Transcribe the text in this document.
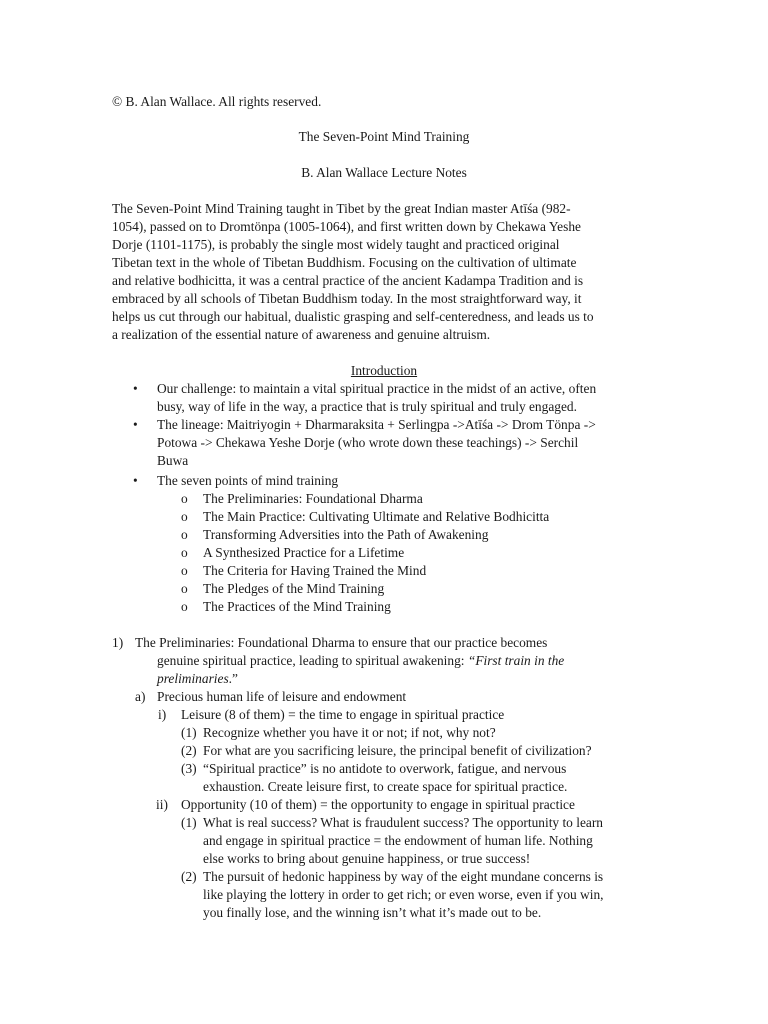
© B. Alan Wallace. All rights reserved.
The Seven-Point Mind Training
B. Alan Wallace Lecture Notes
The Seven-Point Mind Training taught in Tibet by the great Indian master Atīśa (982-
1054), passed on to Dromtönpa (1005-1064), and first written down by Chekawa Yeshe
Dorje (1101-1175), is probably the single most widely taught and practiced original
Tibetan text in the whole of Tibetan Buddhism. Focusing on the cultivation of ultimate
and relative bodhicitta, it was a central practice of the ancient Kadampa Tradition and is
embraced by all schools of Tibetan Buddhism today. In the most straightforward way, it
helps us cut through our habitual, dualistic grasping and self-centeredness, and leads us to
a realization of the essential nature of awareness and genuine altruism.
Introduction
• Our challenge: to maintain a vital spiritual practice in the midst of an active, often
busy, way of life in the way, a practice that is truly spiritual and truly engaged.
• The lineage: Maitriyogin + Dharmaraksita + Serlingpa ->Atīśa -> Drom Tönpa ->
Potowa -> Chekawa Yeshe Dorje (who wrote down these teachings) -> Serchil
Buwa
• The seven points of mind training
o The Preliminaries: Foundational Dharma
o The Main Practice: Cultivating Ultimate and Relative Bodhicitta
o Transforming Adversities into the Path of Awakening
o A Synthesized Practice for a Lifetime
o The Criteria for Having Trained the Mind
o The Pledges of the Mind Training
o The Practices of the Mind Training
1) The Preliminaries: Foundational Dharma to ensure that our practice becomes
genuine spiritual practice, leading to spiritual awakening: “First train in the
preliminaries.”
a) Precious human life of leisure and endowment
i) Leisure (8 of them) = the time to engage in spiritual practice
(1) Recognize whether you have it or not; if not, why not?
(2) For what are you sacrificing leisure, the principal benefit of civilization?
(3) “Spiritual practice” is no antidote to overwork, fatigue, and nervous
exhaustion. Create leisure first, to create space for spiritual practice.
ii) Opportunity (10 of them) = the opportunity to engage in spiritual practice
(1) What is real success? What is fraudulent success? The opportunity to learn
and engage in spiritual practice = the endowment of human life. Nothing
else works to bring about genuine happiness, or true success!
(2) The pursuit of hedonic happiness by way of the eight mundane concerns is
like playing the lottery in order to get rich; or even worse, even if you win,
you finally lose, and the winning isn’t what it’s made out to be.
